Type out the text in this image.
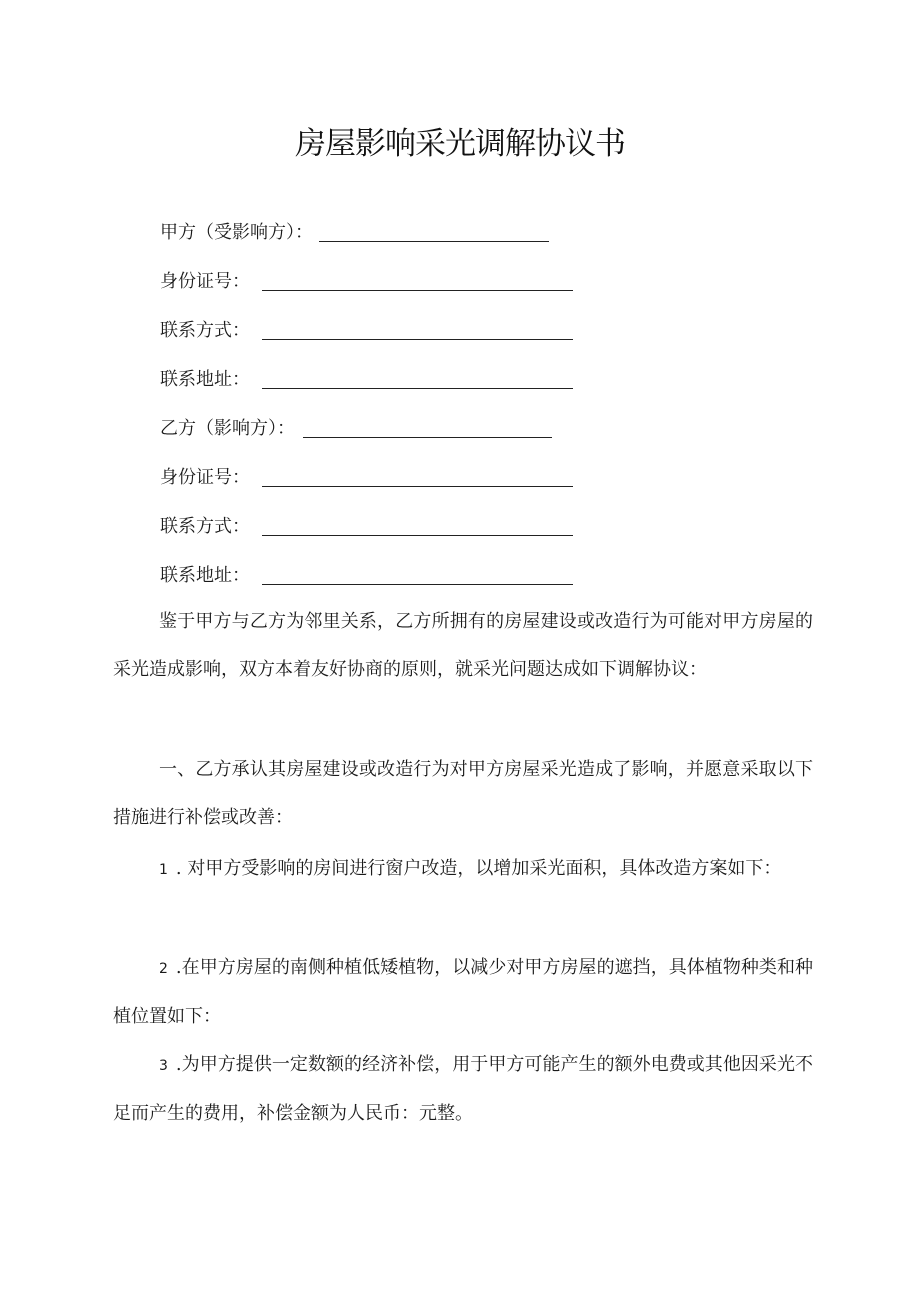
房屋影响采光调解协议书
甲方（受影响方）：
身份证号：
联系方式：
联系地址：
乙方（影响方）：
身份证号：
联系方式：
联系地址：

鉴于甲方与乙方为邻里关系，乙方所拥有的房屋建设或改造行为可能对甲方房屋的采光造成影响，双方本着友好协商的原则，就采光问题达成如下调解协议：

一、乙方承认其房屋建设或改造行为对甲方房屋采光造成了影响，并愿意采取以下措施进行补偿或改善：

1 . 对甲方受影响的房间进行窗户改造，以增加采光面积，具体改造方案如下：

2 .在甲方房屋的南侧种植低矮植物，以减少对甲方房屋的遮挡，具体植物种类和种植位置如下：

3 .为甲方提供一定数额的经济补偿，用于甲方可能产生的额外电费或其他因采光不足而产生的费用，补偿金额为人民币：元整。
